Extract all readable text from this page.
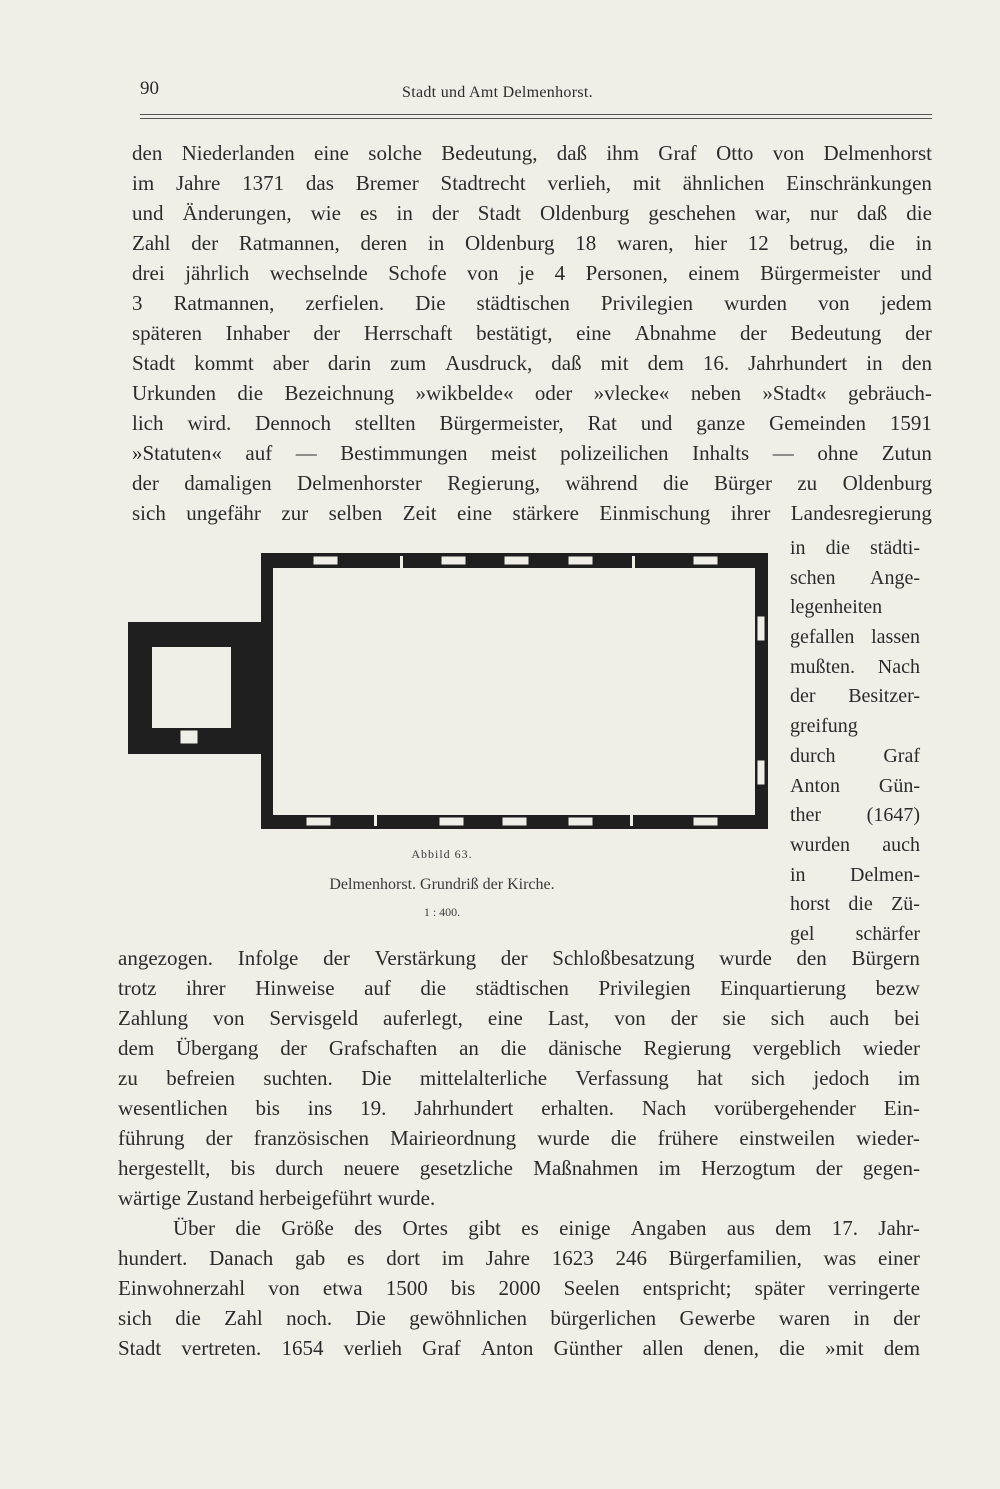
90	Stadt und Amt Delmenhorst.
den Niederlanden eine solche Bedeutung, daß ihm Graf Otto von Delmenhorst
im Jahre 1371 das Bremer Stadtrecht verlieh, mit ähnlichen Einschränkungen
und Änderungen, wie es in der Stadt Oldenburg geschehen war, nur daß die
Zahl der Ratmannen, deren in Oldenburg 18 waren, hier 12 betrug, die in
drei jährlich wechselnde Schofe von je 4 Personen, einem Bürgermeister und
3 Ratmannen, zerfielen. Die städtischen Privilegien wurden von jedem
späteren Inhaber der Herrschaft bestätigt, eine Abnahme der Bedeutung der
Stadt kommt aber darin zum Ausdruck, daß mit dem 16. Jahrhundert in den
Urkunden die Bezeichnung »wikbelde« oder »vlecke« neben »Stadt« gebräuch-
lich wird. Dennoch stellten Bürgermeister, Rat und ganze Gemeinden 1591
»Statuten« auf — Bestimmungen meist polizeilichen Inhalts — ohne Zutun
der damaligen Delmenhorster Regierung, während die Bürger zu Oldenburg
sich ungefähr zur selben Zeit eine stärkere Einmischung ihrer Landesregierung
in die städti-
schen Ange-
legenheiten
gefallen lassen
mußten. Nach
der Besitzer-
greifung
durch Graf
Anton Gün-
ther (1647)
wurden auch
in Delmen-
horst die Zü-
gel schärfer
Abbild 63.
Delmenhorst. Grundriß der Kirche.
1 : 400.
angezogen. Infolge der Verstärkung der Schloßbesatzung wurde den Bürgern
trotz ihrer Hinweise auf die städtischen Privilegien Einquartierung bezw
Zahlung von Servisgeld auferlegt, eine Last, von der sie sich auch bei
dem Übergang der Grafschaften an die dänische Regierung vergeblich wieder
zu befreien suchten. Die mittelalterliche Verfassung hat sich jedoch im
wesentlichen bis ins 19. Jahrhundert erhalten. Nach vorübergehender Ein-
führung der französischen Mairieordnung wurde die frühere einstweilen wieder-
hergestellt, bis durch neuere gesetzliche Maßnahmen im Herzogtum der gegen-
wärtige Zustand herbeigeführt wurde.
Über die Größe des Ortes gibt es einige Angaben aus dem 17. Jahr-
hundert. Danach gab es dort im Jahre 1623 246 Bürgerfamilien, was einer
Einwohnerzahl von etwa 1500 bis 2000 Seelen entspricht; später verringerte
sich die Zahl noch. Die gewöhnlichen bürgerlichen Gewerbe waren in der
Stadt vertreten. 1654 verlieh Graf Anton Günther allen denen, die »mit dem
